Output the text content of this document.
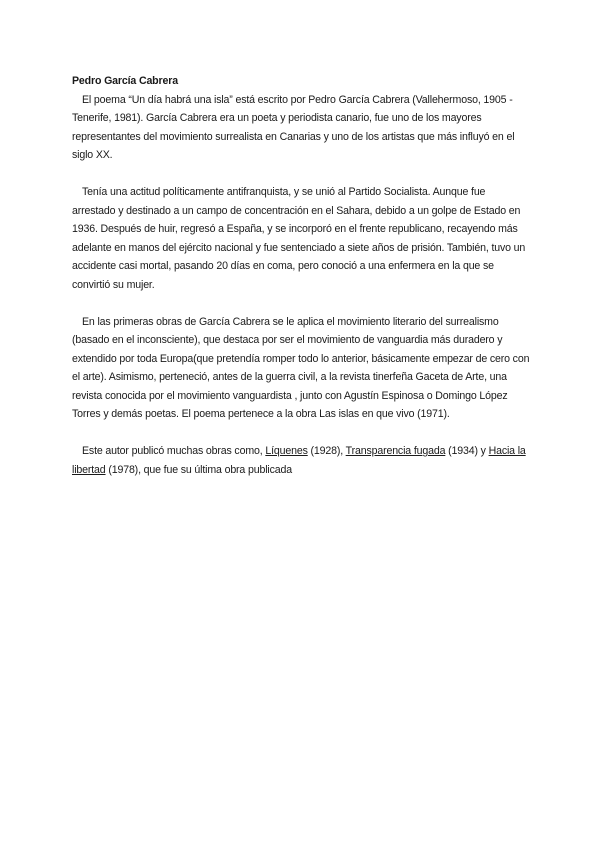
Pedro García Cabrera

El poema “Un día habrá una isla” está escrito por Pedro García Cabrera (Vallehermoso, 1905 - Tenerife, 1981). García Cabrera era un poeta y periodista canario, fue uno de los mayores representantes del movimiento surrealista en Canarias y uno de los artistas que más influyó en el siglo XX.

Tenía una actitud políticamente antifranquista, y se unió al Partido Socialista. Aunque fue arrestado y destinado a un campo de concentración en el Sahara, debido a un golpe de Estado en 1936. Después de huir, regresó a España, y se incorporó en el frente republicano, recayendo más adelante en manos del ejército nacional y fue sentenciado a siete años de prisión. También, tuvo un accidente casi mortal, pasando 20 días en coma, pero conoció a una enfermera en la que se convirtió su mujer.

En las primeras obras de García Cabrera se le aplica el movimiento literario del surrealismo (basado en el inconsciente), que destaca por ser el movimiento de vanguardia más duradero y extendido por toda Europa(que pretendía romper todo lo anterior, básicamente empezar de cero con el arte). Asimismo, perteneció, antes de la guerra civil, a la revista tinerfeña Gaceta de Arte, una revista conocida por el movimiento vanguardista , junto con Agustín Espinosa o Domingo López Torres y demás poetas. El poema pertenece a la obra Las islas en que vivo (1971).

Este autor publicó muchas obras como, Líquenes (1928), Transparencia fugada (1934) y Hacia la libertad (1978), que fue su última obra publicada
